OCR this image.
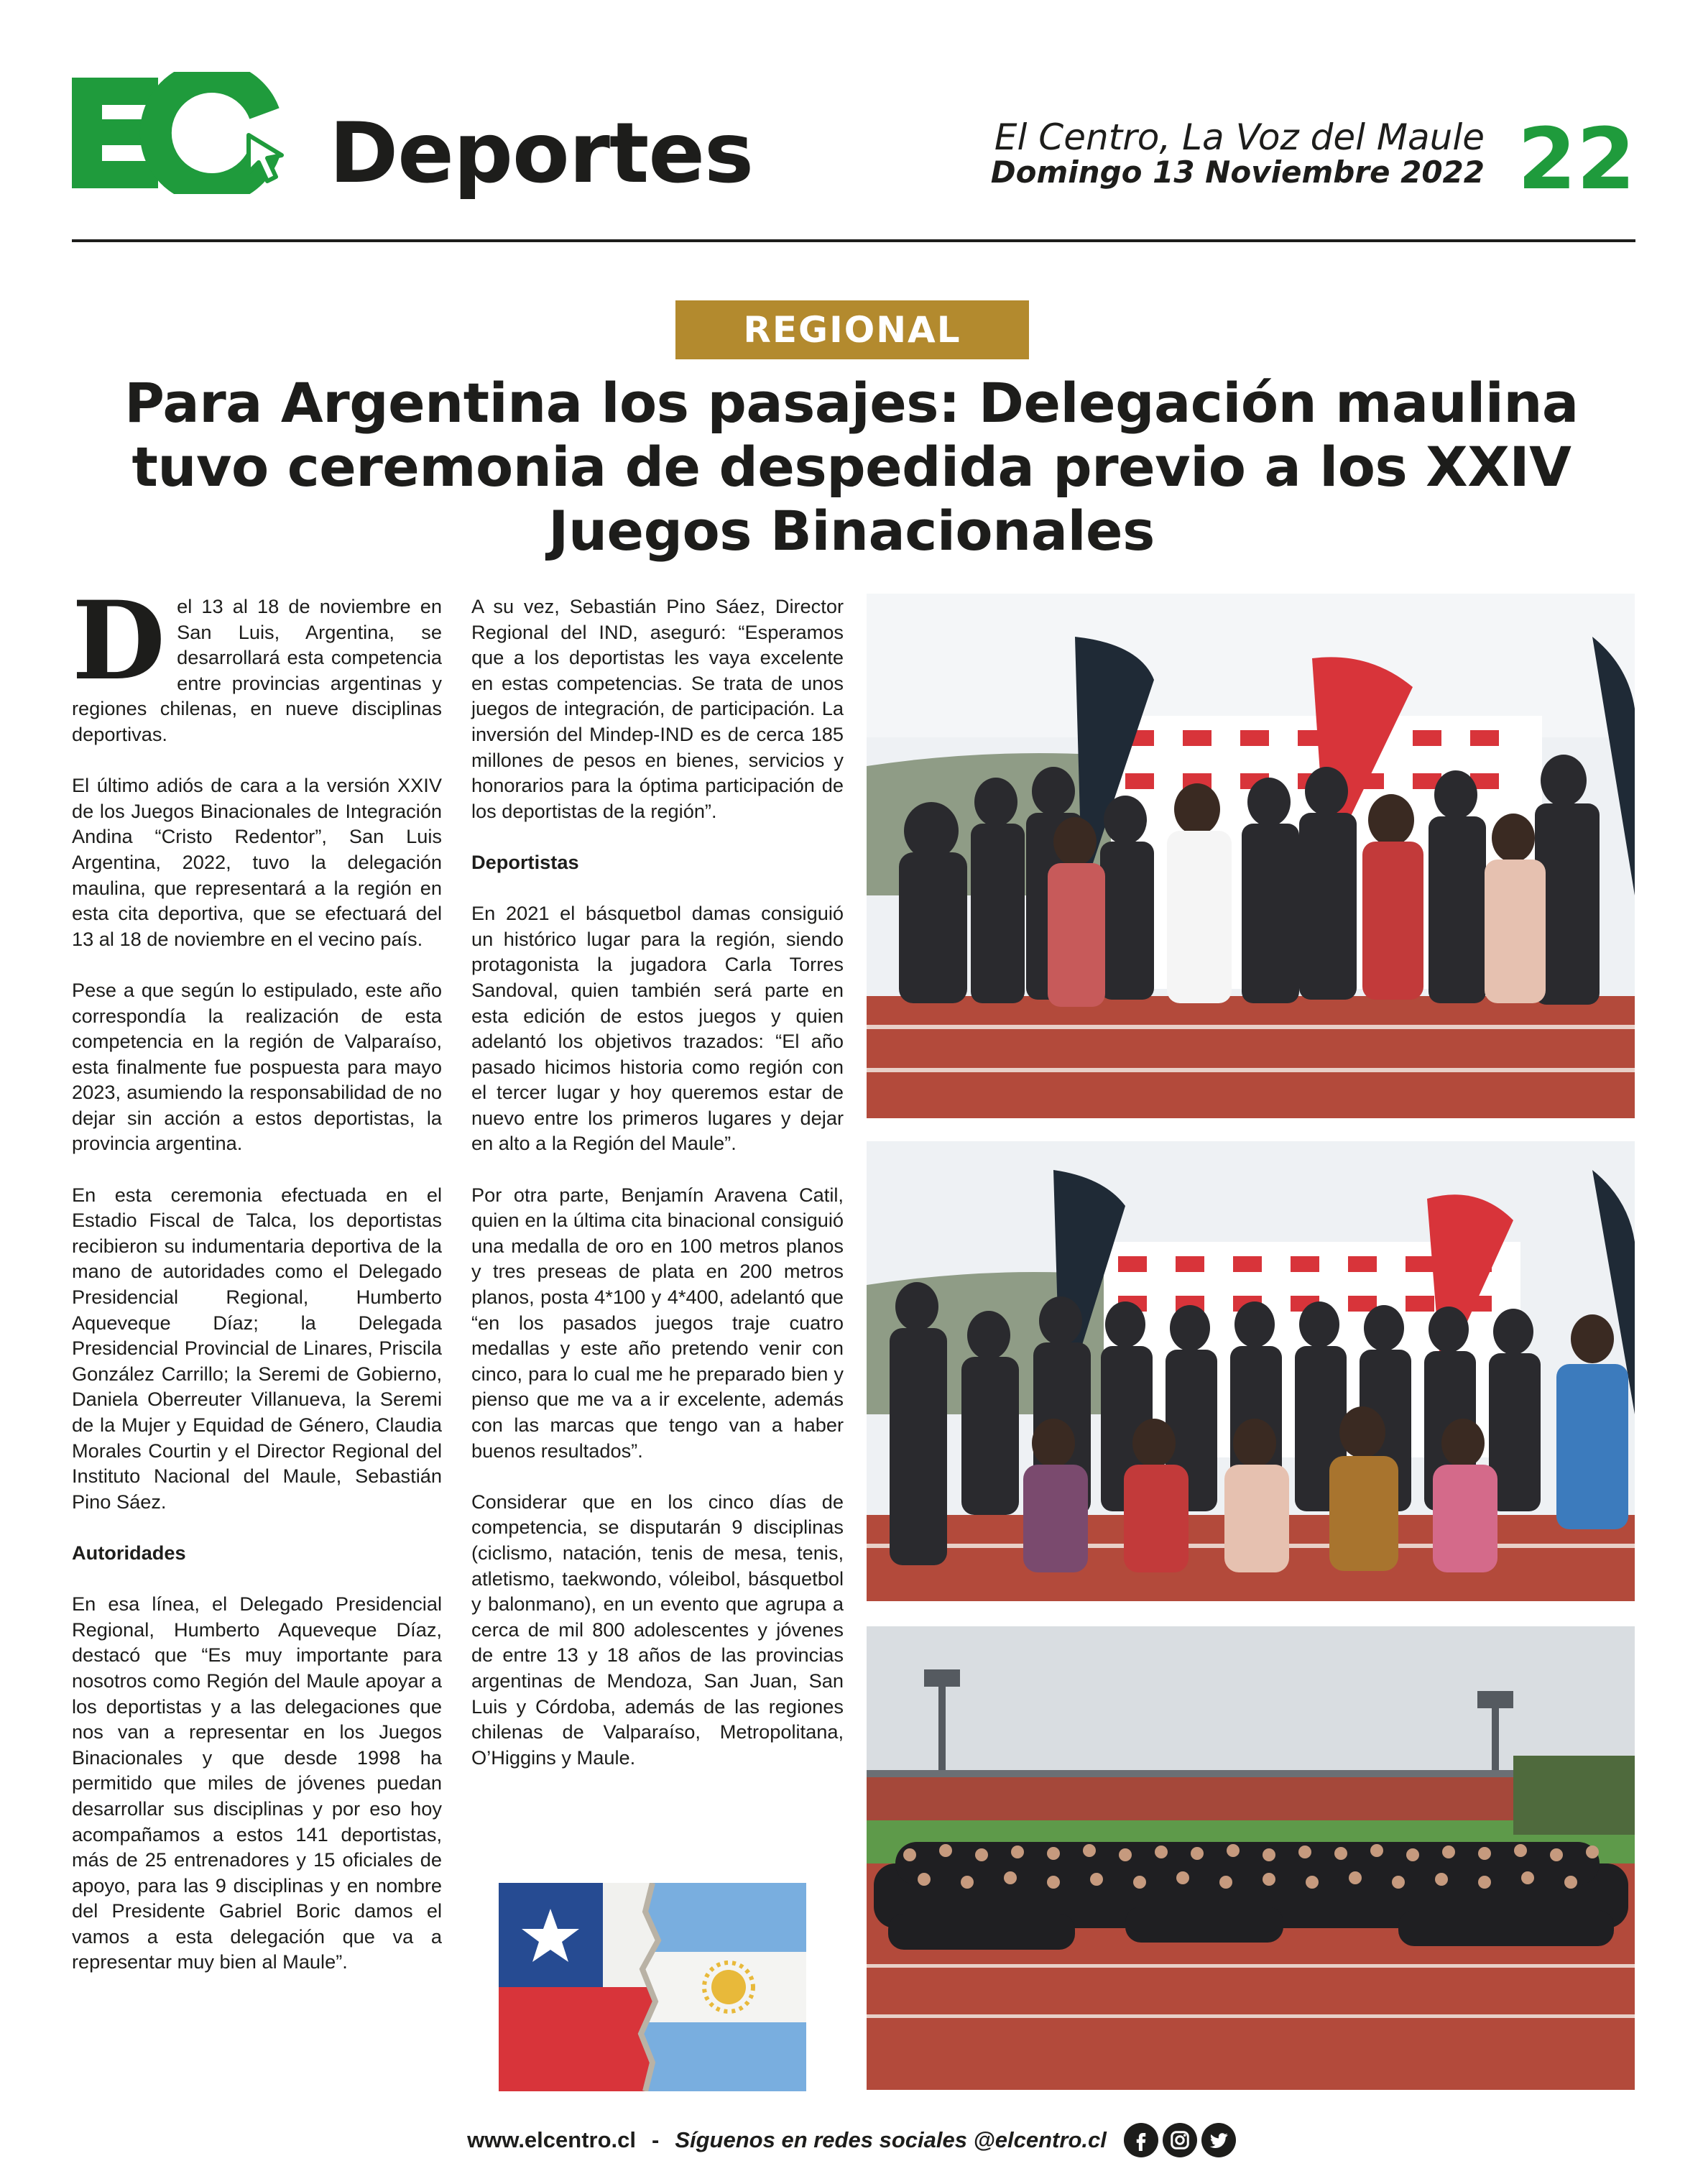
Deportes	El Centro, La Voz del Maule
Domingo 13 Noviembre 2022 22
REGIONAL
Para Argentina los pasajes: Delegación maulina tuvo ceremonia de despedida previo a los XXIV Juegos Binacionales

Del 13 al 18 de noviembre en San Luis, Argentina, se desarrollará esta competencia entre provincias argentinas y regiones chilenas, en nueve disciplinas deportivas.

El último adiós de cara a la versión XXIV de los Juegos Binacionales de Integración Andina “Cristo Redentor”, San Luis Argentina, 2022, tuvo la delegación maulina, que representará a la región en esta cita deportiva, que se efectuará del 13 al 18 de noviembre en el vecino país.

Pese a que según lo estipulado, este año correspondía la realización de esta competencia en la región de Valparaíso, esta finalmente fue pospuesta para mayo 2023, asumiendo la responsabilidad de no dejar sin acción a estos deportistas, la provincia argentina.

En esta ceremonia efectuada en el Estadio Fiscal de Talca, los deportistas recibieron su indumentaria deportiva de la mano de autoridades como el Delegado Presidencial Regional, Humberto Aqueveque Díaz; la Delegada Presidencial Provincial de Linares, Priscila González Carrillo; la Seremi de Gobierno, Daniela Oberreuter Villanueva, la Seremi de la Mujer y Equidad de Género, Claudia Morales Courtin y el Director Regional del Instituto Nacional del Maule, Sebastián Pino Sáez.

Autoridades

En esa línea, el Delegado Presidencial Regional, Humberto Aqueveque Díaz, destacó que “Es muy importante para nosotros como Región del Maule apoyar a los deportistas y a las delegaciones que nos van a representar en los Juegos Binacionales y que desde 1998 ha permitido que miles de jóvenes puedan desarrollar sus disciplinas y por eso hoy acompañamos a estos 141 deportistas, más de 25 entrenadores y 15 oficiales de apoyo, para las 9 disciplinas y en nombre del Presidente Gabriel Boric damos el vamos a esta delegación que va a representar muy bien al Maule”.

A su vez, Sebastián Pino Sáez, Director Regional del IND, aseguró: “Esperamos que a los deportistas les vaya excelente en estas competencias. Se trata de unos juegos de integración, de participación. La inversión del Mindep-IND es de cerca 185 millones de pesos en bienes, servicios y honorarios para la óptima participación de los deportistas de la región”.

Deportistas

En 2021 el básquetbol damas consiguió un histórico lugar para la región, siendo protagonista la jugadora Carla Torres Sandoval, quien también será parte en esta edición de estos juegos y quien adelantó los objetivos trazados: “El año pasado hicimos historia como región con el tercer lugar y hoy queremos estar de nuevo entre los primeros lugares y dejar en alto a la Región del Maule”.

Por otra parte, Benjamín Aravena Catil, quien en la última cita binacional consiguió una medalla de oro en 100 metros planos y tres preseas de plata en 200 metros planos, posta 4*100 y 4*400, adelantó que “en los pasados juegos traje cuatro medallas y este año pretendo venir con cinco, para lo cual me he preparado bien y pienso que me va a ir excelente, además con las marcas que tengo van a haber buenos resultados”.

Considerar que en los cinco días de competencia, se disputarán 9 disciplinas (ciclismo, natación, tenis de mesa, tenis, atletismo, taekwondo, vóleibol, básquetbol y balonmano), en un evento que agrupa a cerca de mil 800 adolescentes y jóvenes de entre 13 y 18 años de las provincias argentinas de Mendoza, San Juan, San Luis y Córdoba, además de las regiones chilenas de Valparaíso, Metropolitana, O’Higgins y Maule.

www.elcentro.cl - Síguenos en redes sociales @elcentro.cl
